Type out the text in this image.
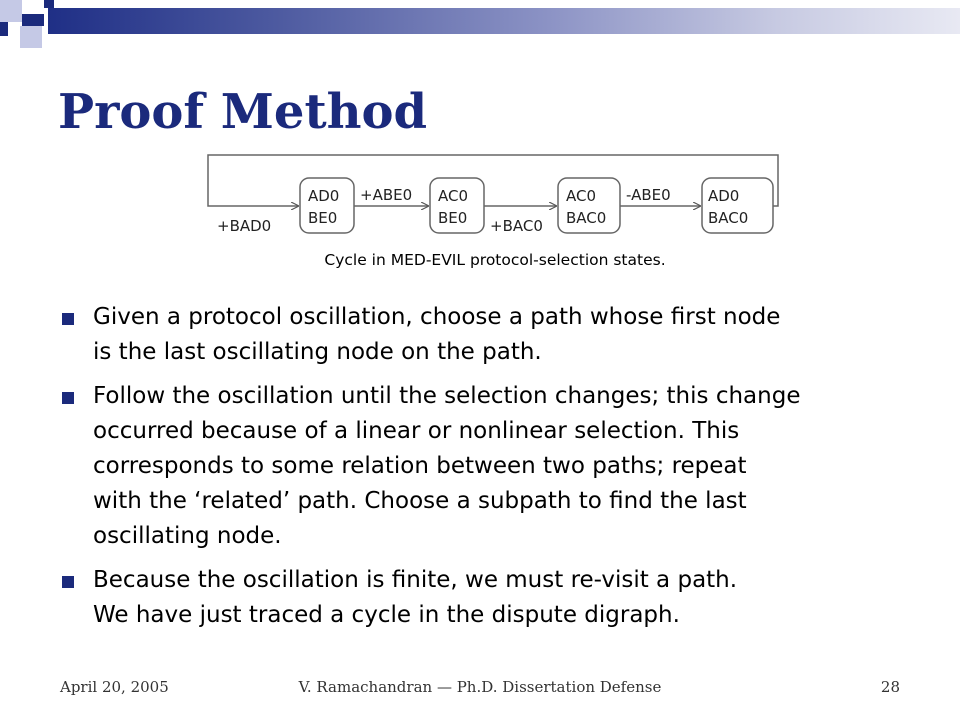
Proof Method
+BAD0
AD0
BE0
+ABE0 AC0
BE0 +BAC0
AC0
BAC0
-ABE0 AD0
BAC0
Cycle in MED-EVIL protocol-selection states.
Given a protocol oscillation, choose a path whose first node
is the last oscillating node on the path.
Follow the oscillation until the selection changes; this change
occurred because of a linear or nonlinear selection. This
corresponds to some relation between two paths; repeat
with the ‘related’ path. Choose a subpath to find the last
oscillating node.
Because the oscillation is finite, we must re-visit a path.
We have just traced a cycle in the dispute digraph.
April 20, 2005	V. Ramachandran — Ph.D. Dissertation Defense	28
